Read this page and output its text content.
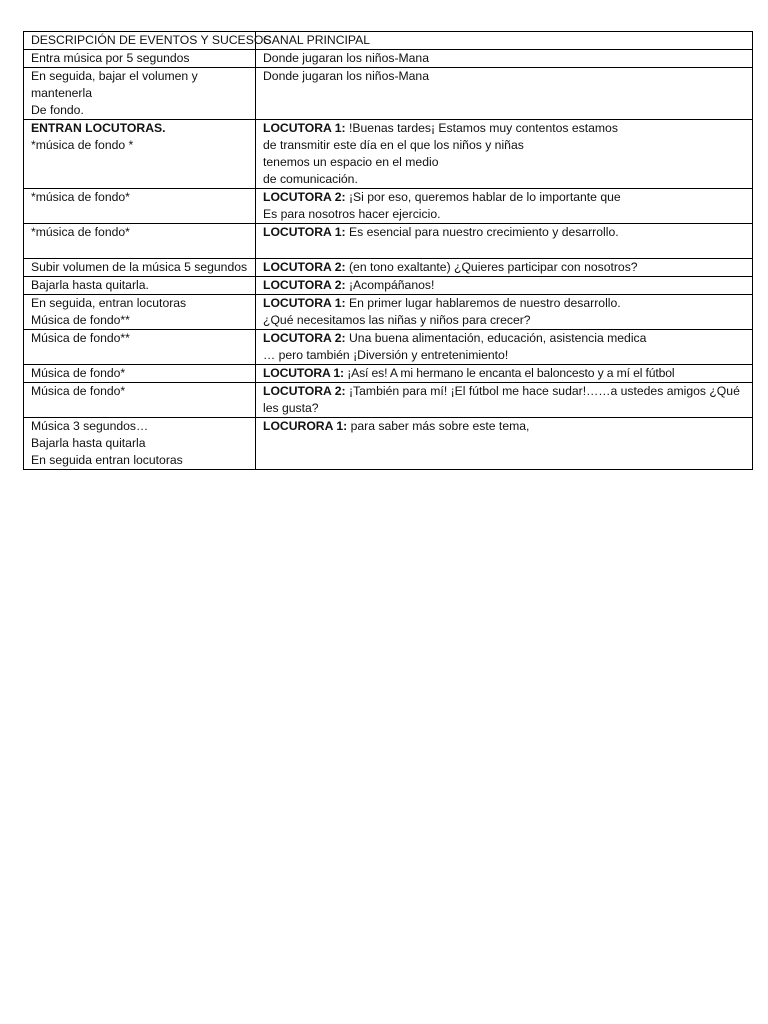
DESCRIPCIÓN DE EVENTOS Y SUCESOS	CANAL PRINCIPAL

Entra música por 5 segundos	Donde jugaran los niños-Mana

En seguida, bajar el volumen y mantenerla
De fondo.	Donde jugaran los niños-Mana

ENTRAN LOCUTORAS.
*música de fondo *	LOCUTORA 1: !Buenas tardes¡ Estamos muy contentos estamos
de transmitir este día en el que los niños y niñas
tenemos un espacio en el medio
de comunicación.

*música de fondo*	LOCUTORA 2: ¡Si por eso, queremos hablar de lo importante que
Es para nosotros hacer ejercicio.

*música de fondo*	LOCUTORA 1: Es esencial para nuestro crecimiento y desarrollo.

Subir volumen de la música 5 segundos	LOCUTORA 2: (en tono exaltante) ¿Quieres participar con nosotros?

Bajarla hasta quitarla.	LOCUTORA 2: ¡Acompáñanos!

En seguida, entran locutoras
Música de fondo**	LOCUTORA 1: En primer lugar hablaremos de nuestro desarrollo.
¿Qué necesitamos las niñas y niños para crecer?

Música de fondo**	LOCUTORA 2: Una buena alimentación, educación, asistencia medica
… pero también ¡Diversión y entretenimiento!

Música de fondo*	LOCUTORA 1: ¡Así es! A mi hermano le encanta el baloncesto y a mí el fútbol

Música de fondo*	LOCUTORA 2: ¡También para mí! ¡El fútbol me hace sudar!……a ustedes amigos ¿Qué les gusta?

Música 3 segundos…
Bajarla hasta quitarla
En seguida entran locutoras	LOCURORA 1: para saber más sobre este tema,
